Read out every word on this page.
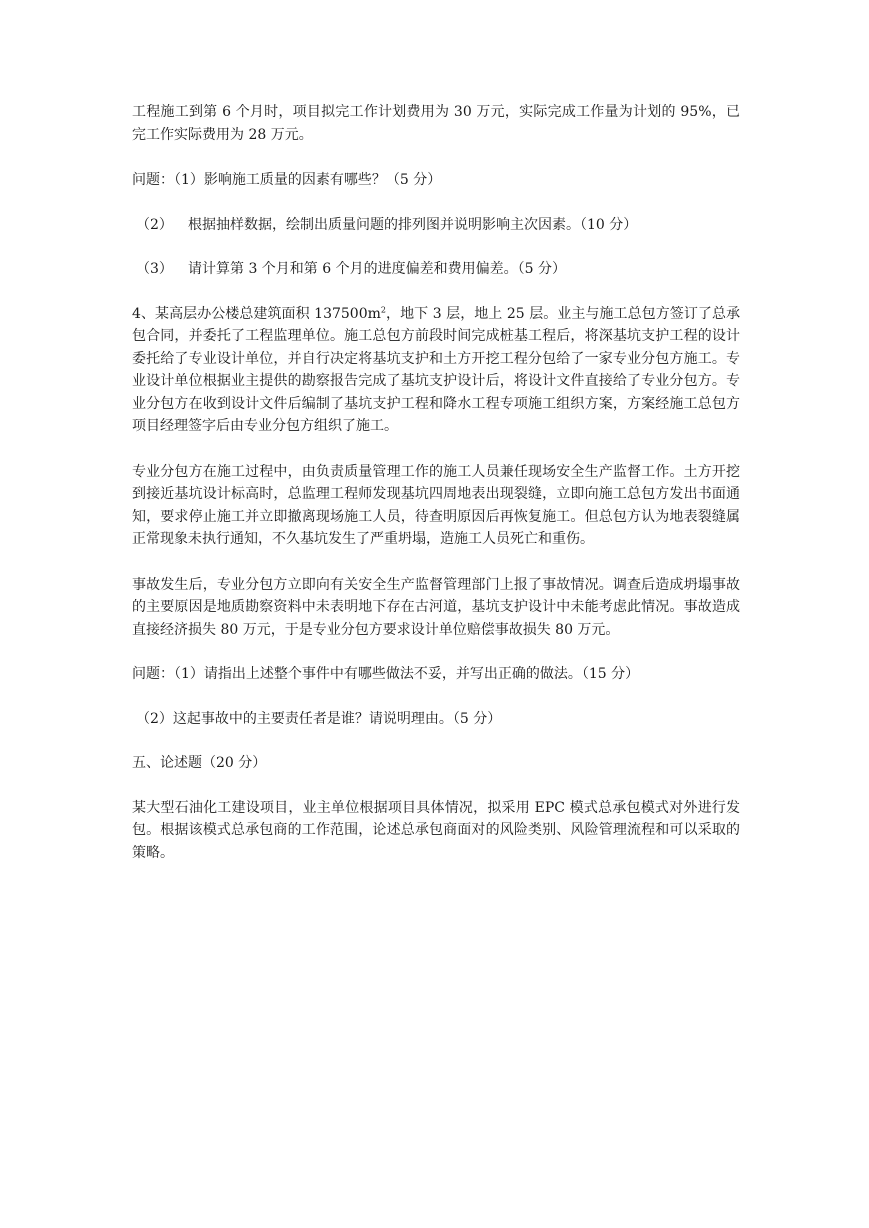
工程施工到第 6 个月时，项目拟完工作计划费用为 30 万元，实际完成工作量为计划的 95%，已完工作实际费用为 28 万元。

问题：（1）影响施工质量的因素有哪些？（5 分）

（2）	根据抽样数据，绘制出质量问题的排列图并说明影响主次因素。（10 分）

（3）	请计算第 3 个月和第 6 个月的进度偏差和费用偏差。（5 分）

4、某高层办公楼总建筑面积 $137500m^2$，地下 3 层，地上 25 层。业主与施工总包方签订了总承包合同，并委托了工程监理单位。施工总包方前段时间完成桩基工程后，将深基坑支护工程的设计委托给了专业设计单位，并自行决定将基坑支护和土方开挖工程分包给了一家专业分包方施工。专业设计单位根据业主提供的勘察报告完成了基坑支护设计后，将设计文件直接给了专业分包方。专业分包方在收到设计文件后编制了基坑支护工程和降水工程专项施工组织方案，方案经施工总包方项目经理签字后由专业分包方组织了施工。

专业分包方在施工过程中，由负责质量管理工作的施工人员兼任现场安全生产监督工作。土方开挖到接近基坑设计标高时，总监理工程师发现基坑四周地表出现裂缝，立即向施工总包方发出书面通知，要求停止施工并立即撤离现场施工人员，待查明原因后再恢复施工。但总包方认为地表裂缝属正常现象未执行通知，不久基坑发生了严重坍塌，造施工人员死亡和重伤。

事故发生后，专业分包方立即向有关安全生产监督管理部门上报了事故情况。调查后造成坍塌事故的主要原因是地质勘察资料中未表明地下存在古河道，基坑支护设计中未能考虑此情况。事故造成直接经济损失 80 万元，于是专业分包方要求设计单位赔偿事故损失 80 万元。

问题：（1）请指出上述整个事件中有哪些做法不妥，并写出正确的做法。（15 分）

（2）这起事故中的主要责任者是谁？请说明理由。（5 分）

五、论述题（20 分）

某大型石油化工建设项目，业主单位根据项目具体情况，拟采用 EPC 模式总承包模式对外进行发包。根据该模式总承包商的工作范围，论述总承包商面对的风险类别、风险管理流程和可以采取的策略。
